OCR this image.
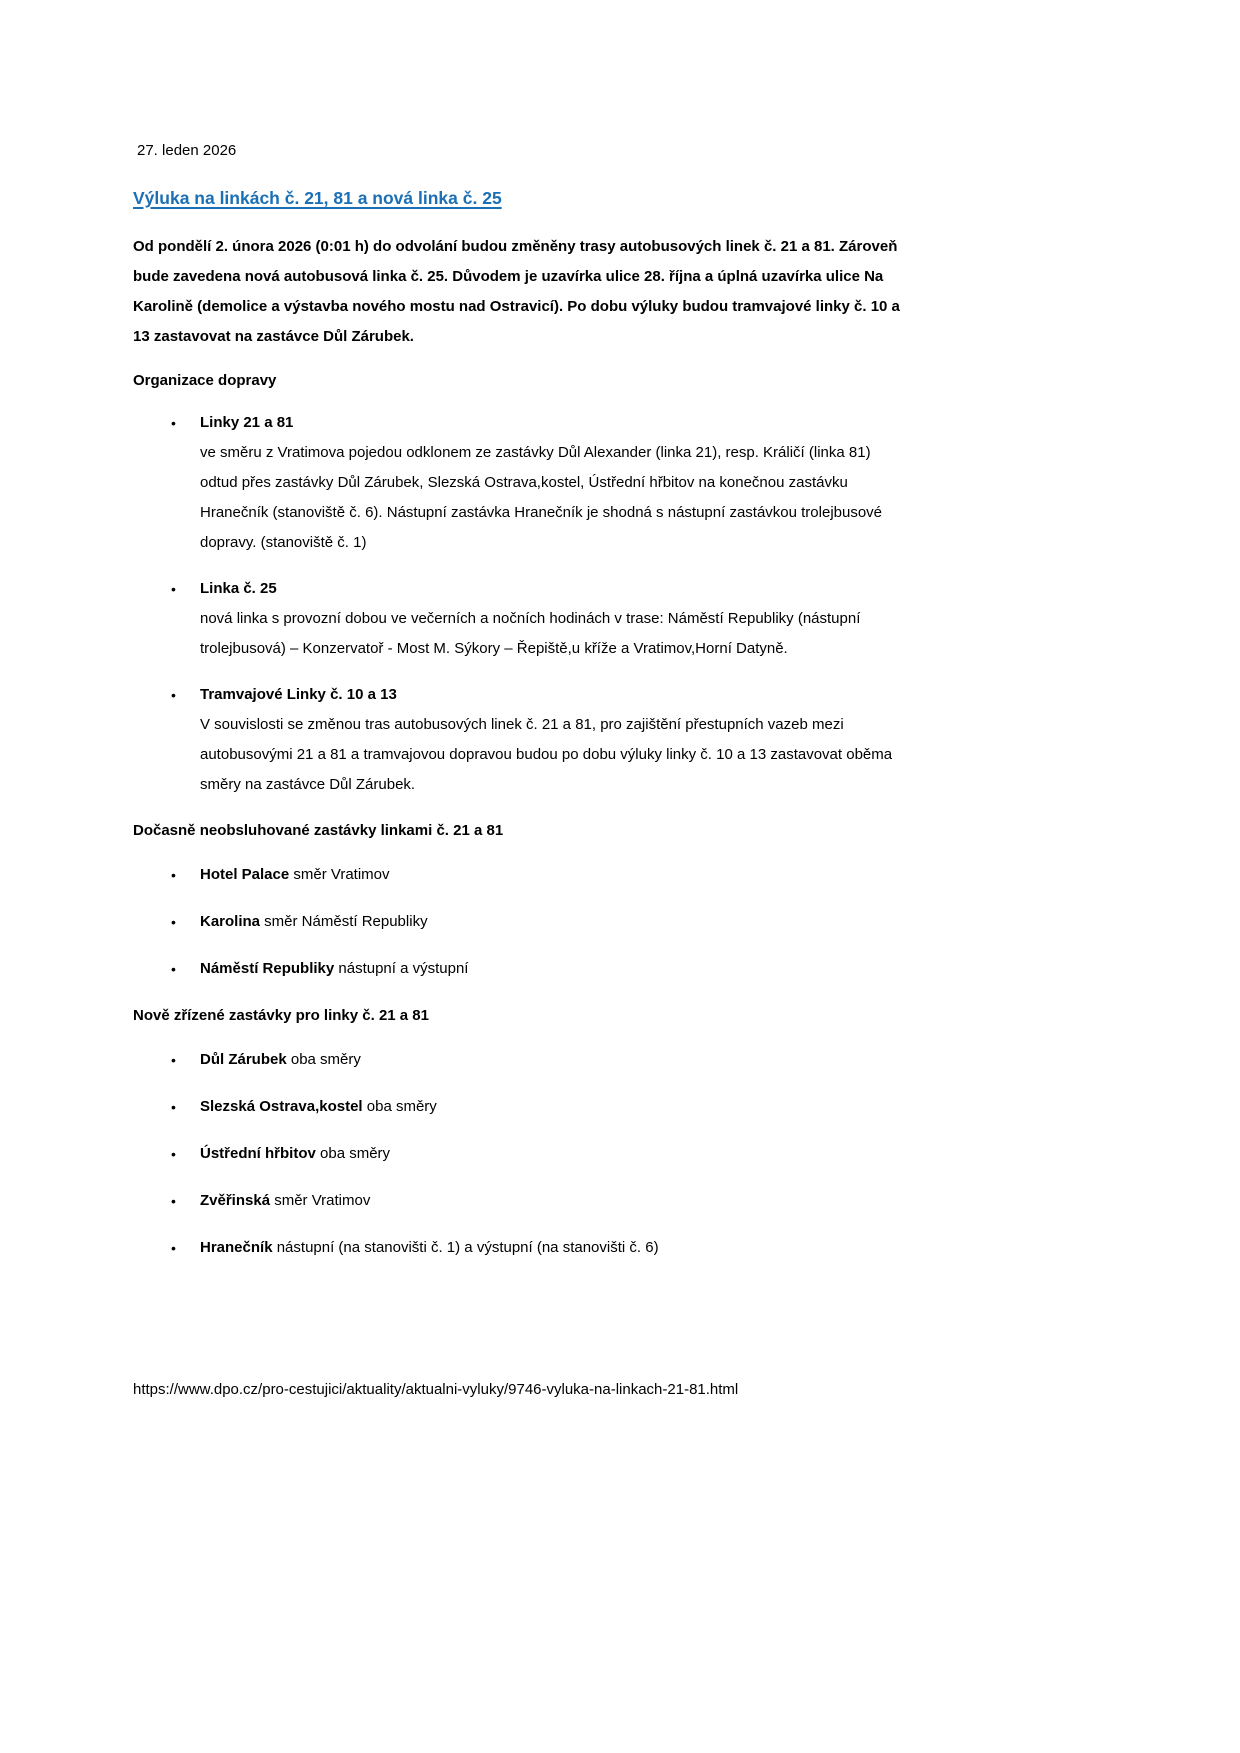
27. leden 2026

Výluka na linkách č. 21, 81 a nová linka č. 25

Od pondělí 2. února 2026 (0:01 h) do odvolání budou změněny trasy autobusových linek č. 21 a 81. Zároveň bude zavedena nová autobusová linka č. 25. Důvodem je uzavírka ulice 28. října a úplná uzavírka ulice Na Karolině (demolice a výstavba nového mostu nad Ostravicí). Po dobu výluky budou tramvajové linky č. 10 a 13 zastavovat na zastávce Důl Zárubek.

Organizace dopravy
• Linky 21 a 81
ve směru z Vratimova pojedou odklonem ze zastávky Důl Alexander (linka 21), resp. Králičí (linka 81) odtud přes zastávky Důl Zárubek, Slezská Ostrava,kostel, Ústřední hřbitov na konečnou zastávku Hranečník (stanoviště č. 6). Nástupní zastávka Hranečník je shodná s nástupní zastávkou trolejbusové dopravy. (stanoviště č. 1)
• Linka č. 25
nová linka s provozní dobou ve večerních a nočních hodinách v trase: Náměstí Republiky (nástupní trolejbusová) – Konzervatoř - Most M. Sýkory – Řepiště,u kříže a Vratimov,Horní Datyně.
• Tramvajové Linky č. 10 a 13
V souvislosti se změnou tras autobusových linek č. 21 a 81, pro zajištění přestupních vazeb mezi autobusovými 21 a 81 a tramvajovou dopravou budou po dobu výluky linky č. 10 a 13 zastavovat oběma směry na zastávce Důl Zárubek.
Dočasně neobsluhované zastávky linkami č. 21 a 81
• Hotel Palace směr Vratimov
• Karolina směr Náměstí Republiky
• Náměstí Republiky nástupní a výstupní
Nově zřízené zastávky pro linky č. 21 a 81
• Důl Zárubek oba směry
• Slezská Ostrava,kostel oba směry
• Ústřední hřbitov oba směry
• Zvěřinská směr Vratimov
• Hranečník nástupní (na stanovišti č. 1) a výstupní (na stanovišti č. 6)

https://www.dpo.cz/pro-cestujici/aktuality/aktualni-vyluky/9746-vyluka-na-linkach-21-81.html
